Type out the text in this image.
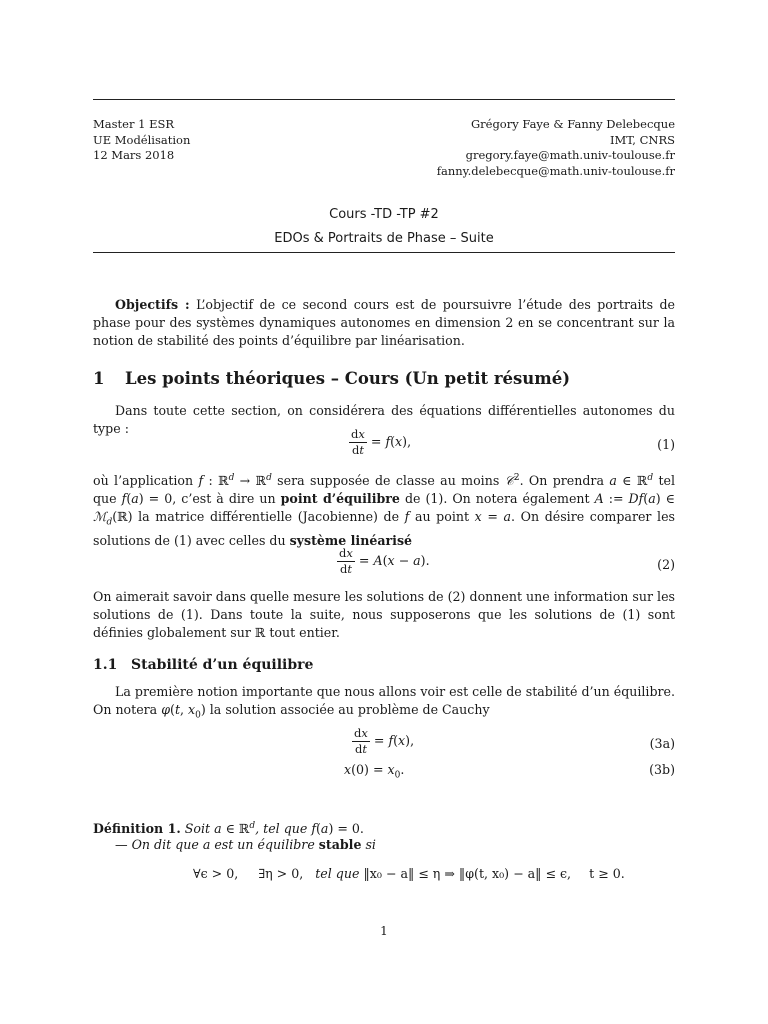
Master 1 ESR
UE Modélisation
12 Mars 2018
Grégory Faye & Fanny Delebecque
IMT, CNRS
gregory.faye@math.univ-toulouse.fr
fanny.delebecque@math.univ-toulouse.fr
Cours -TD -TP #2
EDOs & Portraits de Phase – Suite
Objectifs : L’objectif de ce second cours est de poursuivre l’étude des portraits de phase pour des systèmes dynamiques autonomes en dimension 2 en se concentrant sur la notion de stabilité des points d’équilibre par linéarisation.
1 Les points théoriques – Cours (Un petit résumé)
Dans toute cette section, on considérera des équations différentielles autonomes du type :	$\frac{dx}{dt} = f(x)$,	(1)
où l’application f : ℝ$^d$ → ℝ$^d$ sera supposée de classe au moins 𝒞$^2$. On prendra a ∈ ℝ$^d$ tel que f(a) = 0, c’est à dire un point d’équilibre de (1). On notera également A := Df(a) ∈ ℳ$_d$(ℝ) la matrice différentielle (Jacobienne) de f au point x = a. On désire comparer les solutions de (1) avec celles du système linéarisé
$\frac{dx}{dt} = A(x - a)$.	(2)
On aimerait savoir dans quelle mesure les solutions de (2) donnent une information sur les solutions de (1). Dans toute la suite, nous supposerons que les solutions de (1) sont définies globalement sur ℝ tout entier.
1.1 Stabilité d’un équilibre
La première notion importante que nous allons voir est celle de stabilité d’un équilibre. On notera φ(t, $x_0$) la solution associée au problème de Cauchy
$\frac{dx}{dt} = f(x)$,	(3a)
$x(0) = x_0$.	(3b)
Définition 1. Soit a ∈ ℝ$^d$, tel que f(a) = 0.
— On dit que a est un équilibre stable si
∀ϵ > 0, ∃η > 0, tel que ‖x₀ − a‖ ≤ η ⇒ ‖φ(t, x₀) − a‖ ≤ ϵ, t ≥ 0.
1
